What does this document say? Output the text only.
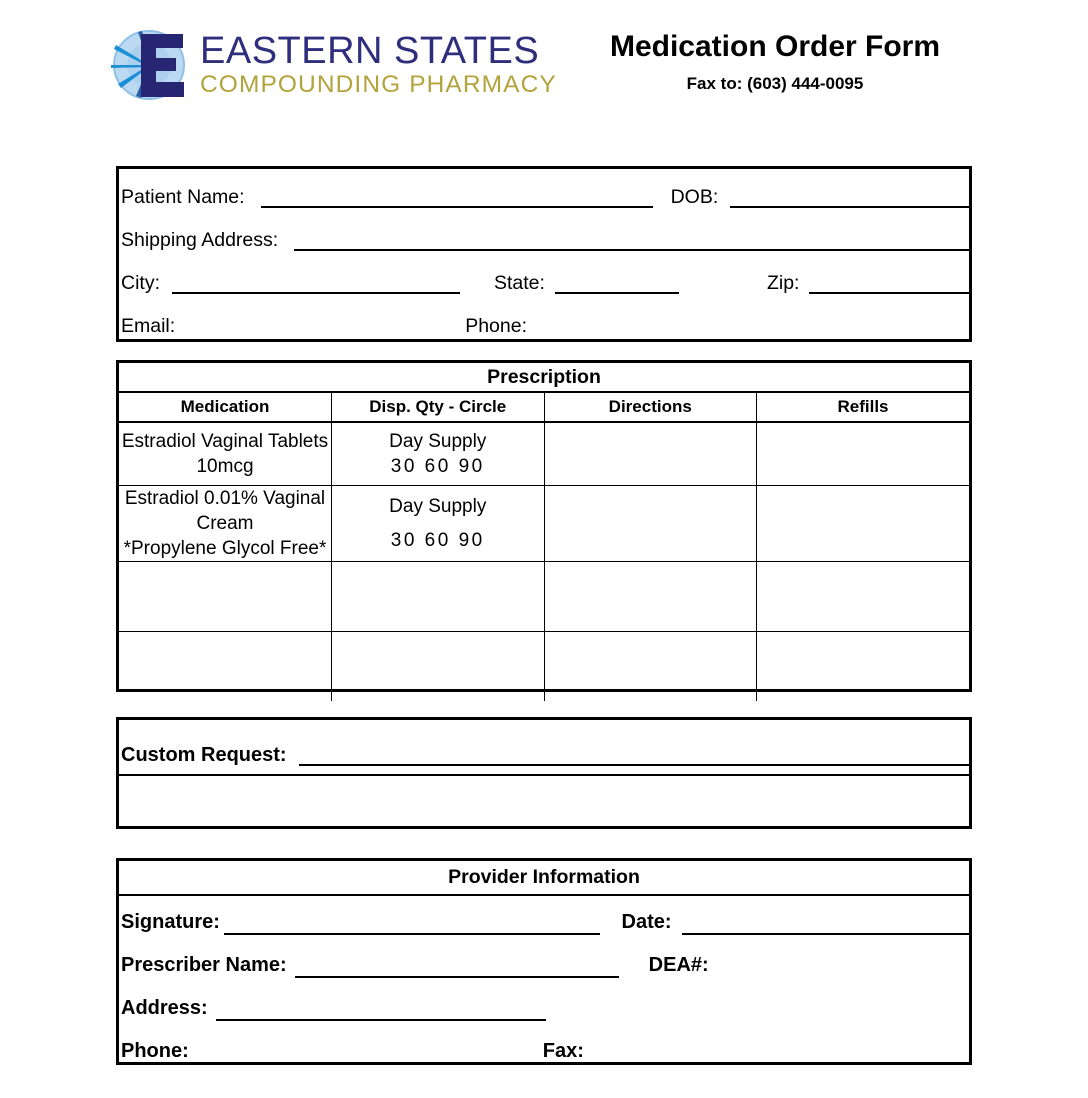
EASTERN STATES
COMPOUNDING PHARMACY
Medication Order Form
Fax to: (603) 444-0095
Patient Name:	DOB:
Shipping Address:
City:	State:	Zip:
Email:	Phone:
Prescription			
Medication	Disp. Qty - Circle	Directions	Refills

Estradiol Vaginal Tablets 10mcg	Day Supply
30 60 90		

Estradiol 0.01% Vaginal Cream
*Propylene Glycol Free*	Day Supply
30 60 90		

Custom Request:
Provider Information
Signature:	Date:
Prescriber Name:	DEA#:
Address:
Phone:	Fax:
